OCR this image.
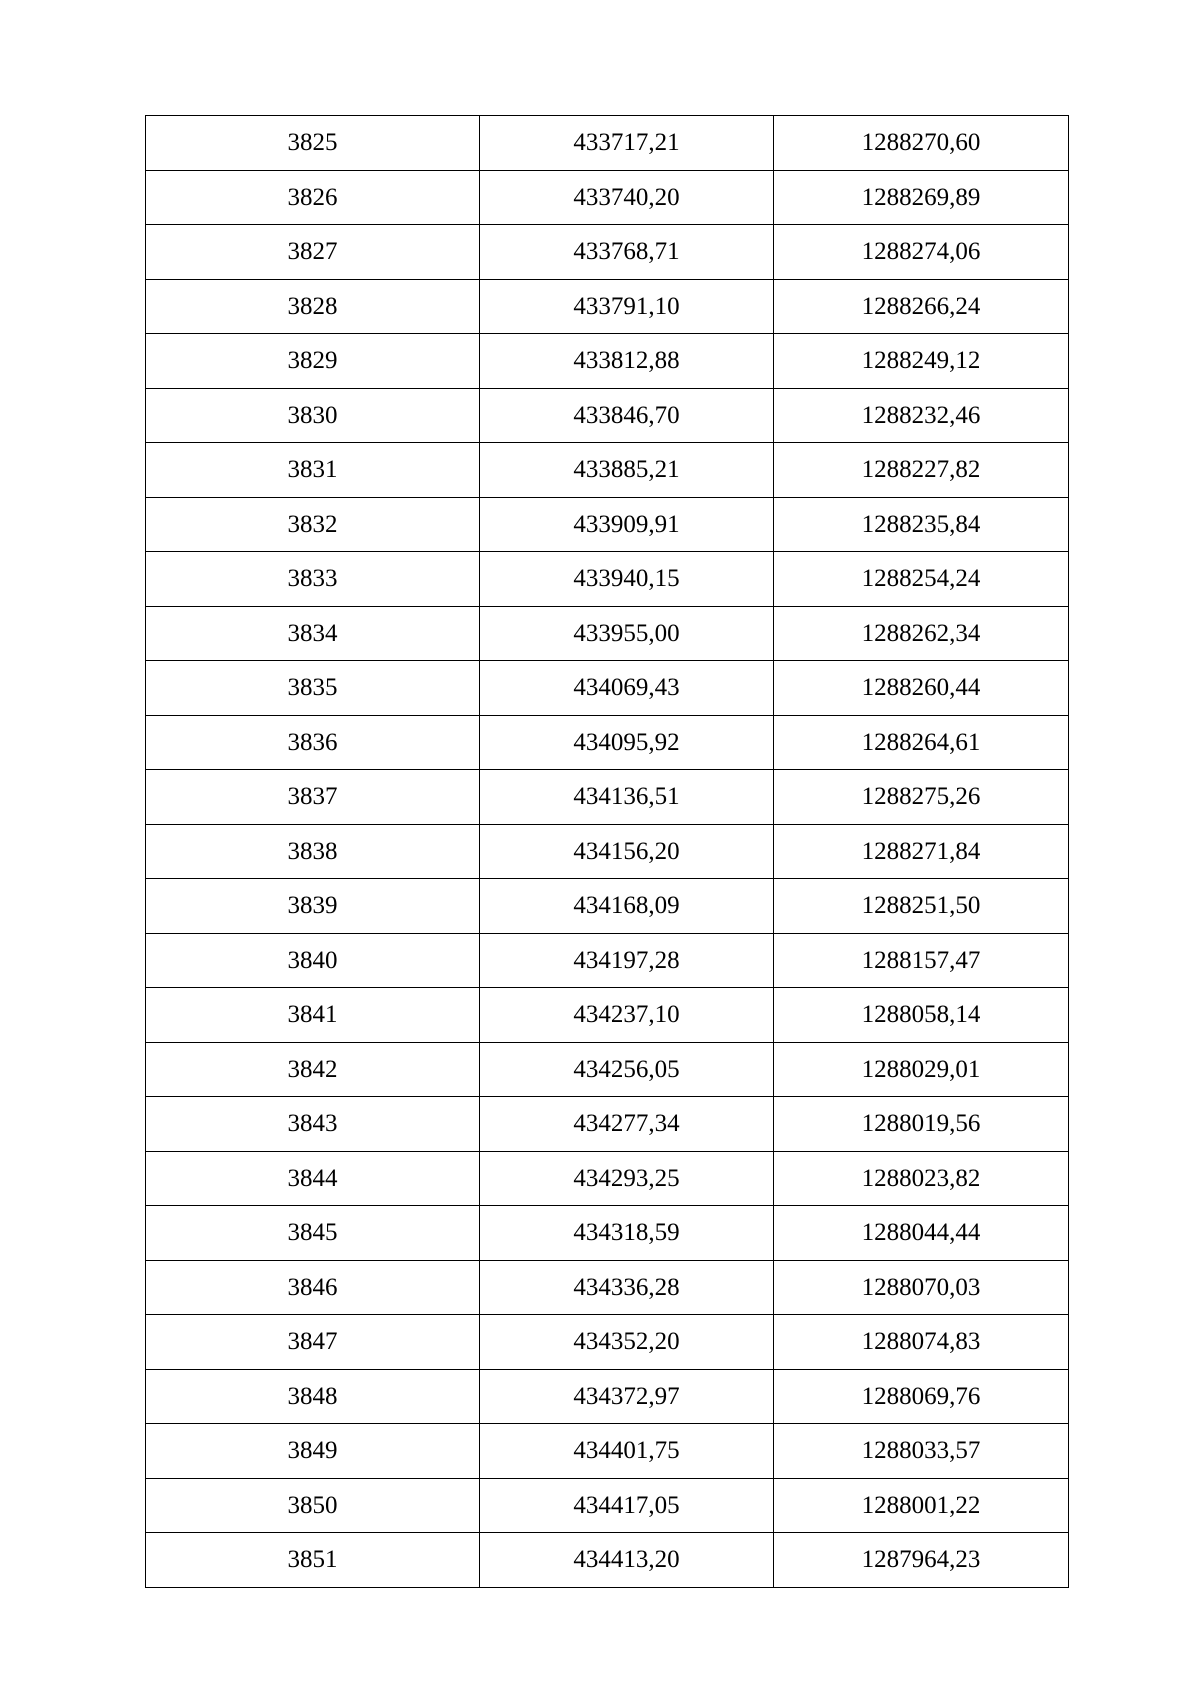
3825	433717,21	1288270,60
3826	433740,20	1288269,89
3827	433768,71	1288274,06
3828	433791,10	1288266,24
3829	433812,88	1288249,12
3830	433846,70	1288232,46
3831	433885,21	1288227,82
3832	433909,91	1288235,84
3833	433940,15	1288254,24
3834	433955,00	1288262,34
3835	434069,43	1288260,44
3836	434095,92	1288264,61
3837	434136,51	1288275,26
3838	434156,20	1288271,84
3839	434168,09	1288251,50
3840	434197,28	1288157,47
3841	434237,10	1288058,14
3842	434256,05	1288029,01
3843	434277,34	1288019,56
3844	434293,25	1288023,82
3845	434318,59	1288044,44
3846	434336,28	1288070,03
3847	434352,20	1288074,83
3848	434372,97	1288069,76
3849	434401,75	1288033,57
3850	434417,05	1288001,22
3851	434413,20	1287964,23
